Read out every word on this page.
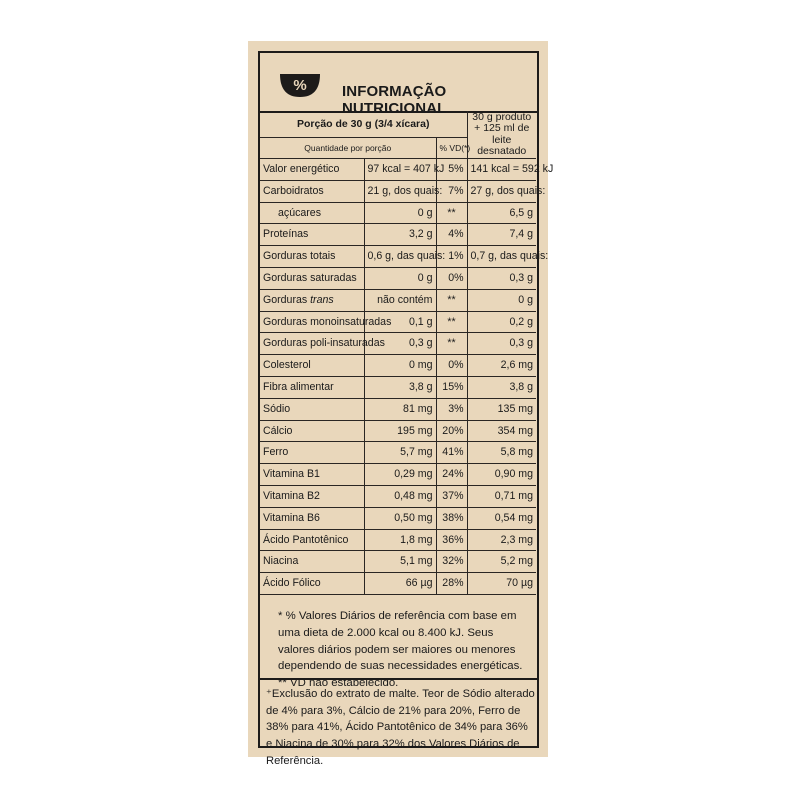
% INFORMAÇÃO NUTRICIONAL
Porção de 30 g (3/4 xícara)			30 g produto + 125 ml de leite desnatado
Quantidade por porção		% VD(*)	
Valor energético	97 kcal = 407 kJ	5%	141 kcal = 592 kJ
Carboidratos	21 g, dos quais:	7%	27 g, dos quais:
açúcares	0 g	**	6,5 g
Proteínas	3,2 g	4%	7,4 g
Gorduras totais	0,6 g, das quais:	1%	0,7 g, das quais:
Gorduras saturadas	0 g	0%	0,3 g
Gorduras trans	não contém	**	0 g
Gorduras monoinsaturadas	0,1 g	**	0,2 g
Gorduras poli-insaturadas	0,3 g	**	0,3 g
Colesterol	0 mg	0%	2,6 mg
Fibra alimentar	3,8 g	15%	3,8 g
Sódio	81 mg	3%	135 mg
Cálcio	195 mg	20%	354 mg
Ferro	5,7 mg	41%	5,8 mg
Vitamina B1	0,29 mg	24%	0,90 mg
Vitamina B2	0,48 mg	37%	0,71 mg
Vitamina B6	0,50 mg	38%	0,54 mg
Ácido Pantotênico	1,8 mg	36%	2,3 mg
Niacina	5,1 mg	32%	5,2 mg
Ácido Fólico	66 µg	28%	70 µg
* % Valores Diários de referência com base em uma dieta de 2.000 kcal ou 8.400 kJ. Seus valores diários podem ser maiores ou menores dependendo de suas necessidades energéticas. ** VD não estabelecido.
⁺Exclusão do extrato de malte. Teor de Sódio alterado de 4% para 3%, Cálcio de 21% para 20%, Ferro de 38% para 41%, Ácido Pantotênico de 34% para 36% e Niacina de 30% para 32% dos Valores Diários de Referência.
